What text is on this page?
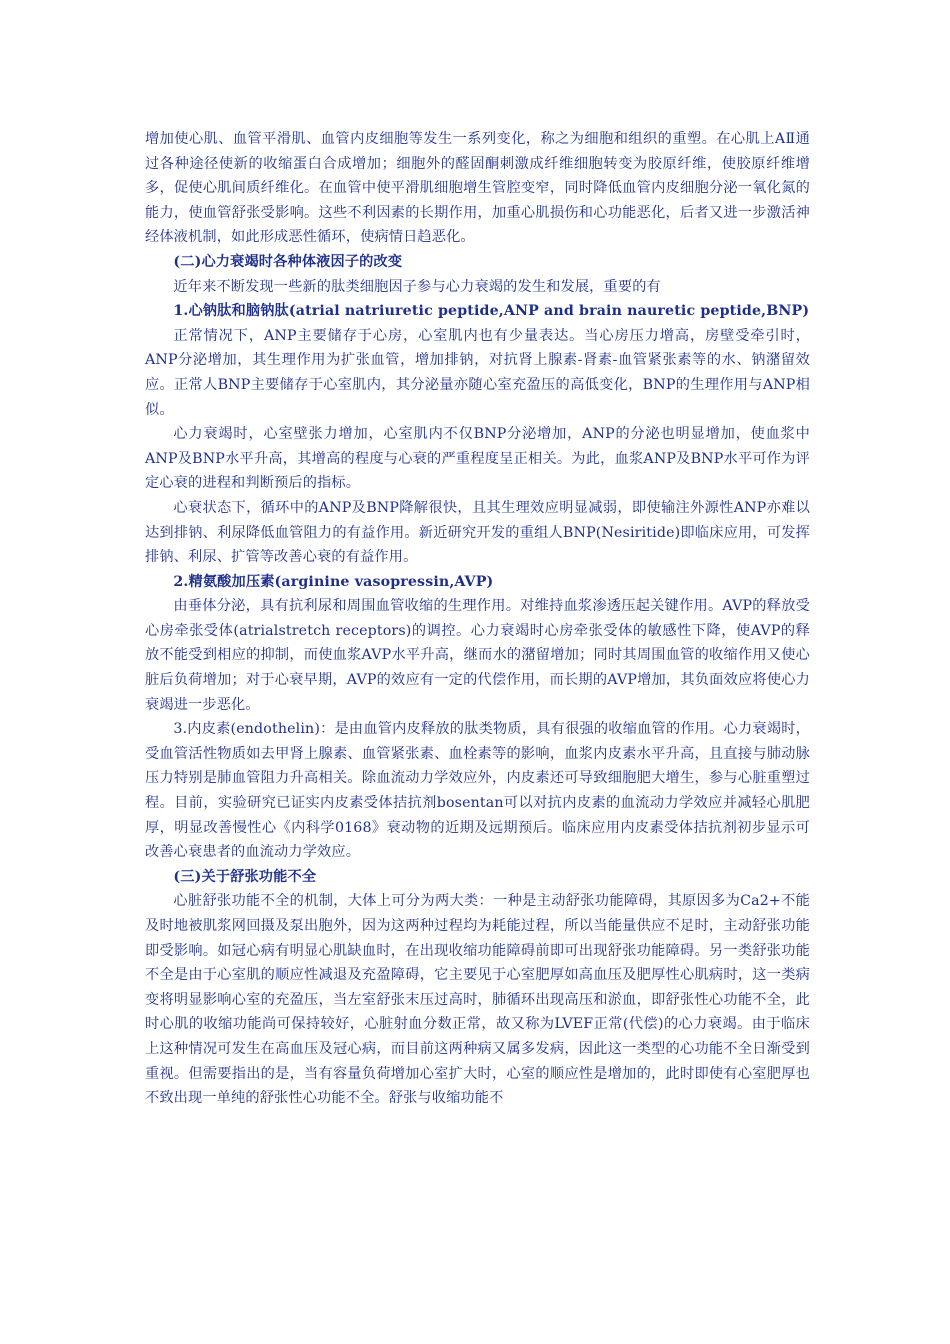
增加使心肌、血管平滑肌、血管内皮细胞等发生一系列变化，称之为细胞和组织的重塑。在心肌上AⅡ通过各种途径使新的收缩蛋白合成增加；细胞外的醛固酮刺激成纤维细胞转变为胶原纤维，使胶原纤维增多，促使心肌间质纤维化。在血管中使平滑肌细胞增生管腔变窄，同时降低血管内皮细胞分泌一氧化氮的能力，使血管舒张受影响。这些不利因素的长期作用，加重心肌损伤和心功能恶化，后者又进一步激活神经体液机制，如此形成恶性循环，使病情日趋恶化。

(二)心力衰竭时各种体液因子的改变

近年来不断发现一些新的肽类细胞因子参与心力衰竭的发生和发展，重要的有

1.心钠肽和脑钠肽(atrial natriuretic peptide,ANP and brain nauretic peptide,BNP)

正常情况下，ANP主要储存于心房，心室肌内也有少量表达。当心房压力增高，房壁受牵引时，ANP分泌增加，其生理作用为扩张血管，增加排钠，对抗肾上腺素-肾素-血管紧张素等的水、钠潴留效应。正常人BNP主要储存于心室肌内，其分泌量亦随心室充盈压的高低变化，BNP的生理作用与ANP相似。

心力衰竭时，心室壁张力增加，心室肌内不仅BNP分泌增加，ANP的分泌也明显增加，使血浆中ANP及BNP水平升高，其增高的程度与心衰的严重程度呈正相关。为此，血浆ANP及BNP水平可作为评定心衰的进程和判断预后的指标。

心衰状态下，循环中的ANP及BNP降解很快，且其生理效应明显减弱，即使输注外源性ANP亦难以达到排钠、利尿降低血管阻力的有益作用。新近研究开发的重组人BNP(Nesiritide)即临床应用，可发挥排钠、利尿、扩管等改善心衰的有益作用。

2.精氨酸加压素(arginine vasopressin,AVP)

由垂体分泌，具有抗利尿和周围血管收缩的生理作用。对维持血浆渗透压起关键作用。AVP的释放受心房牵张受体(atrialstretch receptors)的调控。心力衰竭时心房牵张受体的敏感性下降，使AVP的释放不能受到相应的抑制，而使血浆AVP水平升高，继而水的潴留增加；同时其周围血管的收缩作用又使心脏后负荷增加；对于心衰早期，AVP的效应有一定的代偿作用，而长期的AVP增加，其负面效应将使心力衰竭进一步恶化。

3.内皮素(endothelin)：是由血管内皮释放的肽类物质，具有很强的收缩血管的作用。心力衰竭时，受血管活性物质如去甲肾上腺素、血管紧张素、血栓素等的影响，血浆内皮素水平升高，且直接与肺动脉压力特别是肺血管阻力升高相关。除血流动力学效应外，内皮素还可导致细胞肥大增生，参与心脏重塑过程。目前，实验研究已证实内皮素受体拮抗剂bosentan可以对抗内皮素的血流动力学效应并减轻心肌肥厚，明显改善慢性心《内科学0168》衰动物的近期及远期预后。临床应用内皮素受体拮抗剂初步显示可改善心衰患者的血流动力学效应。

(三)关于舒张功能不全

心脏舒张功能不全的机制，大体上可分为两大类：一种是主动舒张功能障碍，其原因多为Ca2+不能及时地被肌浆网回摄及泵出胞外，因为这两种过程均为耗能过程，所以当能量供应不足时，主动舒张功能即受影响。如冠心病有明显心肌缺血时，在出现收缩功能障碍前即可出现舒张功能障碍。另一类舒张功能不全是由于心室肌的顺应性减退及充盈障碍，它主要见于心室肥厚如高血压及肥厚性心肌病时，这一类病变将明显影响心室的充盈压，当左室舒张末压过高时，肺循环出现高压和淤血，即舒张性心功能不全，此时心肌的收缩功能尚可保持较好，心脏射血分数正常，故又称为LVEF正常(代偿)的心力衰竭。由于临床上这种情况可发生在高血压及冠心病，而目前这两种病又属多发病，因此这一类型的心功能不全日渐受到重视。但需要指出的是，当有容量负荷增加心室扩大时，心室的顺应性是增加的，此时即使有心室肥厚也不致出现一单纯的舒张性心功能不全。舒张与收缩功能不
